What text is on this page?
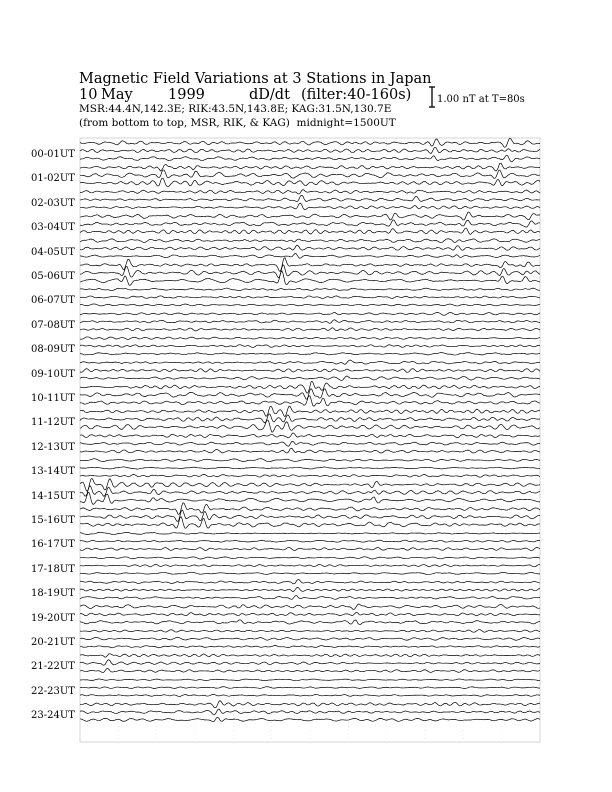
Magnetic Field Variations at 3 Stations in Japan
10 May 1999	dD/dt (filter:40-160s)
MSR:44.4N,142.3E; RIK:43.5N,143.8E; KAG:31.5N,130.7E
(from bottom to top, MSR, RIK, & KAG) midnight=1500UT
1.00 nT at T=80s
00-01UT
01-02UT
02-03UT
03-04UT
04-05UT
05-06UT
06-07UT
07-08UT
08-09UT
09-10UT
10-11UT
11-12UT
12-13UT
13-14UT
14-15UT
15-16UT
16-17UT
17-18UT
18-19UT
19-20UT
20-21UT
21-22UT
22-23UT
23-24UT
